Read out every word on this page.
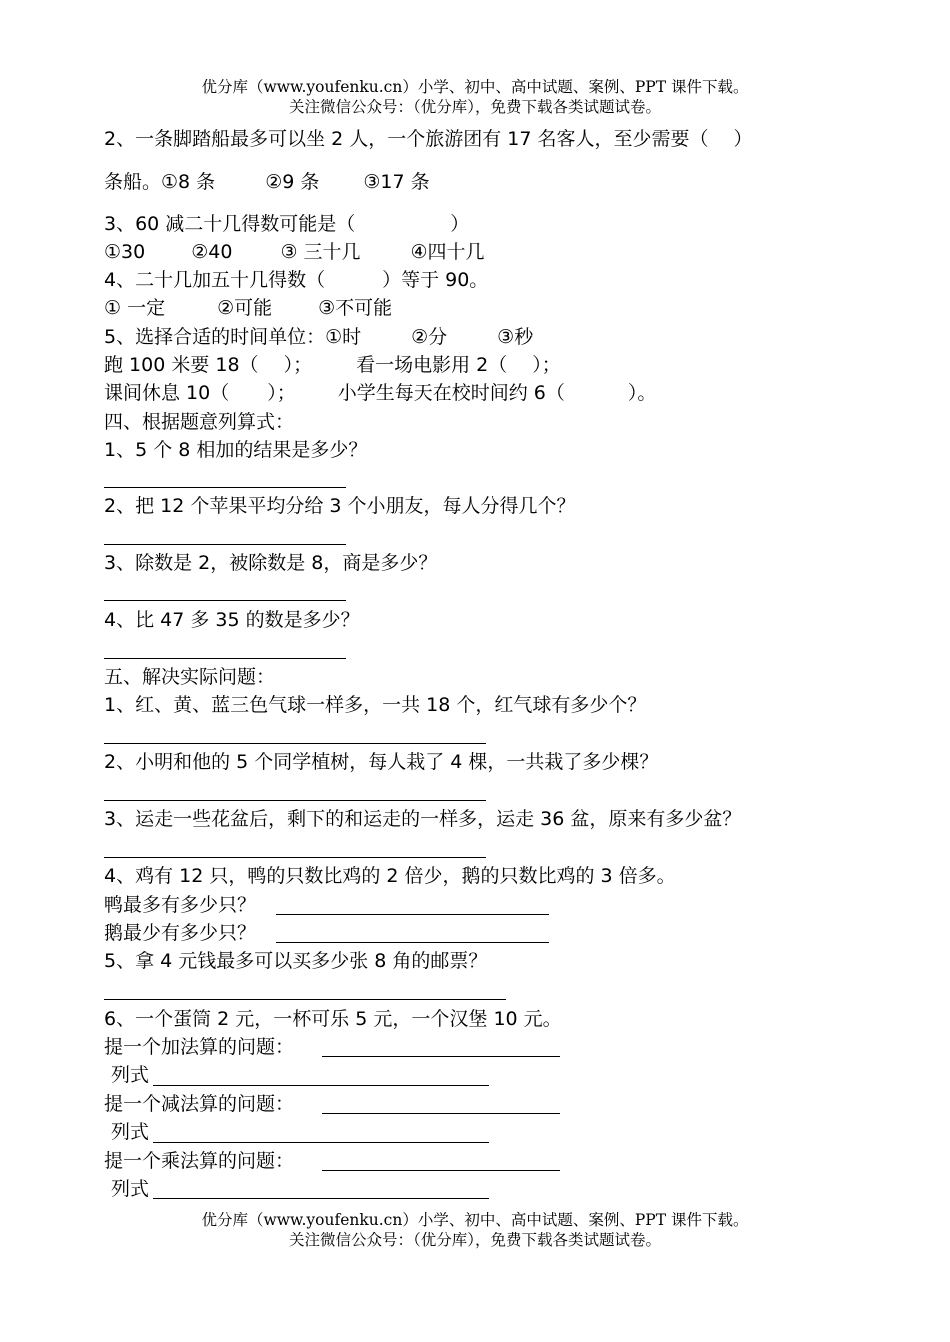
优分库（www.youfenku.cn）小学、初中、高中试题、案例、PPT 课件下载。
关注微信公众号：（优分库），免费下载各类试题试卷。
2、一条脚踏船最多可以坐 2 人，一个旅游团有 17 名客人，至少需要（　 ）
条船。①8 条	②9 条 ③17 条
3、60 减二十几得数可能是（　　　　　）
①30 ②40	③ 三十几	④四十几
4、二十几加五十几得数（　　　）等于 90。
① 一定	②可能 ③不可能
5、选择合适的时间单位：①时	②分	③秒
跑 100 米要 18（　 ）； 看一场电影用 2（　 ）；
课间休息 10（　　）； 小学生每天在校时间约 6（　　　 ）。
四、根据题意列算式：
1、5 个 8 相加的结果是多少？
2、把 12 个苹果平均分给 3 个小朋友，每人分得几个？
3、除数是 2，被除数是 8，商是多少？
4、比 47 多 35 的数是多少？
五、解决实际问题：
1、红、黄、蓝三色气球一样多，一共 18 个，红气球有多少个？
2、小明和他的 5 个同学植树，每人栽了 4 棵，一共栽了多少棵？
3、运走一些花盆后，剩下的和运走的一样多，运走 36 盆，原来有多少盆？
4、鸡有 12 只，鸭的只数比鸡的 2 倍少，鹅的只数比鸡的 3 倍多。
鸭最多有多少只？
鹅最少有多少只？
5、拿 4 元钱最多可以买多少张 8 角的邮票？
6、一个蛋筒 2 元，一杯可乐 5 元，一个汉堡 10 元。
提一个加法算的问题：
列式
提一个减法算的问题：
列式
提一个乘法算的问题：
列式
优分库（www.youfenku.cn）小学、初中、高中试题、案例、PPT 课件下载。
关注微信公众号：（优分库），免费下载各类试题试卷。
